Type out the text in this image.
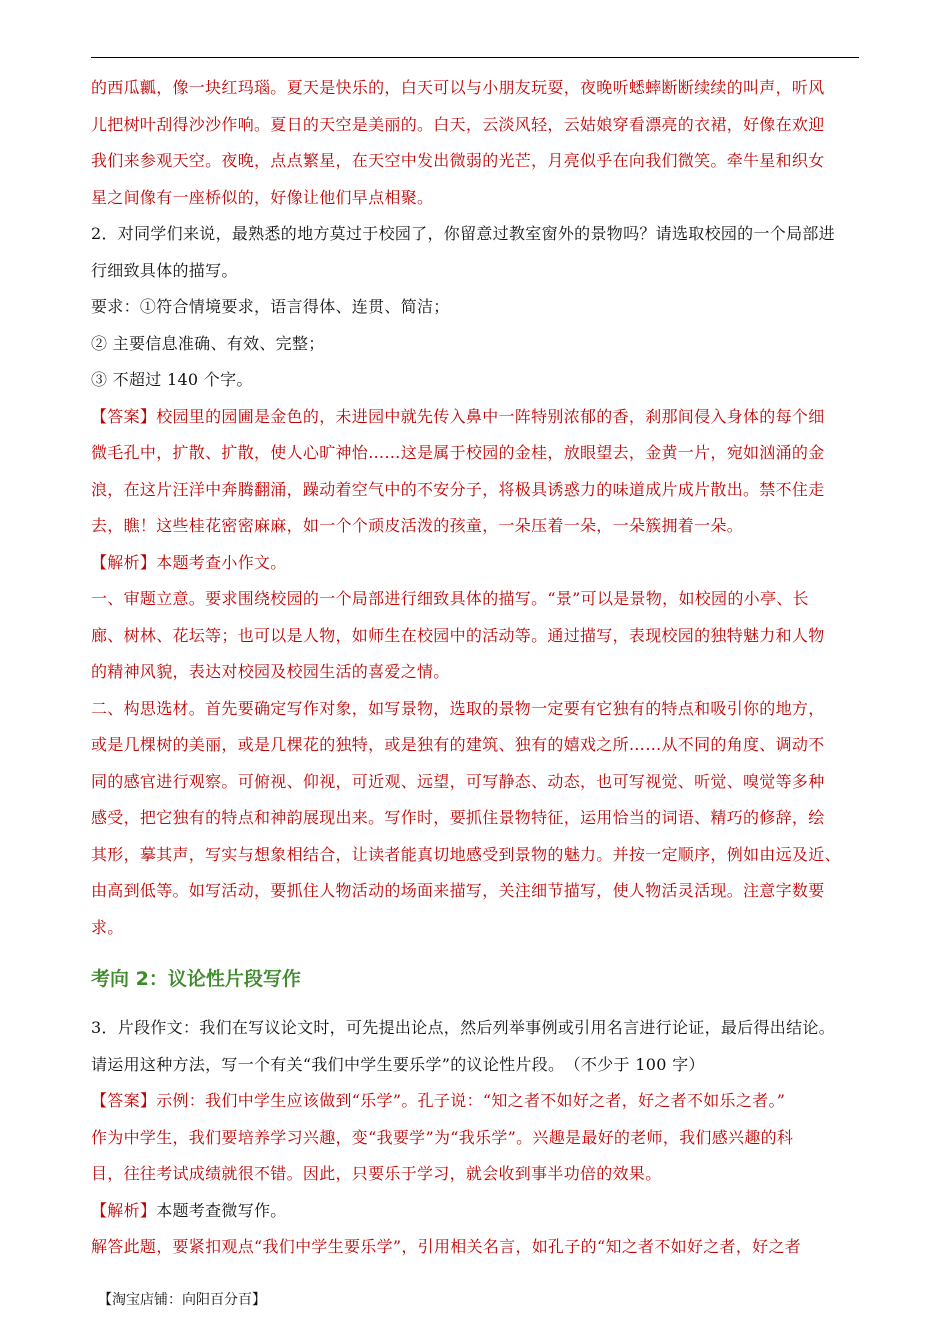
的西瓜瓤，像一块红玛瑙。夏天是快乐的，白天可以与小朋友玩耍，夜晚听蟋蟀断断续续的叫声，听风

儿把树叶刮得沙沙作响。夏日的天空是美丽的。白天，云淡风轻，云姑娘穿看漂亮的衣裙，好像在欢迎

我们来参观天空。夜晚，点点繁星，在天空中发出微弱的光芒，月亮似乎在向我们微笑。牵牛星和织女

星之间像有一座桥似的，好像让他们早点相聚。

2．对同学们来说，最熟悉的地方莫过于校园了，你留意过教室窗外的景物吗？请选取校园的一个局部进

行细致具体的描写。

要求：①符合情境要求，语言得体、连贯、简洁；

② 主要信息准确、有效、完整；

③ 不超过 140 个字。

【答案】校园里的园圃是金色的，未进园中就先传入鼻中一阵特别浓郁的香，刹那间侵入身体的每个细

微毛孔中，扩散、扩散，使人心旷神怡……这是属于校园的金桂，放眼望去，金黄一片，宛如汹涌的金

浪，在这片汪洋中奔腾翻涌，躁动着空气中的不安分子，将极具诱惑力的味道成片成片散出。禁不住走

去，瞧！这些桂花密密麻麻，如一个个顽皮活泼的孩童，一朵压着一朵，一朵簇拥着一朵。

【解析】本题考查小作文。

一、审题立意。要求围绕校园的一个局部进行细致具体的描写。“景”可以是景物，如校园的小亭、长

廊、树林、花坛等；也可以是人物，如师生在校园中的活动等。通过描写，表现校园的独特魅力和人物

的精神风貌，表达对校园及校园生活的喜爱之情。

二、构思选材。首先要确定写作对象，如写景物，选取的景物一定要有它独有的特点和吸引你的地方，

或是几棵树的美丽，或是几棵花的独特，或是独有的建筑、独有的嬉戏之所……从不同的角度、调动不

同的感官进行观察。可俯视、仰视，可近观、远望，可写静态、动态，也可写视觉、听觉、嗅觉等多种

感受，把它独有的特点和神韵展现出来。写作时，要抓住景物特征，运用恰当的词语、精巧的修辞，绘

其形，摹其声，写实与想象相结合，让读者能真切地感受到景物的魅力。并按一定顺序，例如由远及近、

由高到低等。如写活动，要抓住人物活动的场面来描写，关注细节描写，使人物活灵活现。注意字数要

求。

考向 2：议论性片段写作

3．片段作文：我们在写议论文时，可先提出论点，然后列举事例或引用名言进行论证，最后得出结论。

请运用这种方法，写一个有关“我们中学生要乐学”的议论性片段。　（不少于 100 字）

【答案】示例：我们中学生应该做到“乐学”。孔子说：“知之者不如好之者，好之者不如乐之者。”

作为中学生，我们要培养学习兴趣，变“我要学”为“我乐学”。兴趣是最好的老师，我们感兴趣的科

目，往往考试成绩就很不错。因此，只要乐于学习，就会收到事半功倍的效果。

【解析】本题考查微写作。

解答此题，要紧扣观点“我们中学生要乐学”，引用相关名言，如孔子的“知之者不如好之者，好之者

【淘宝店铺：向阳百分百】
